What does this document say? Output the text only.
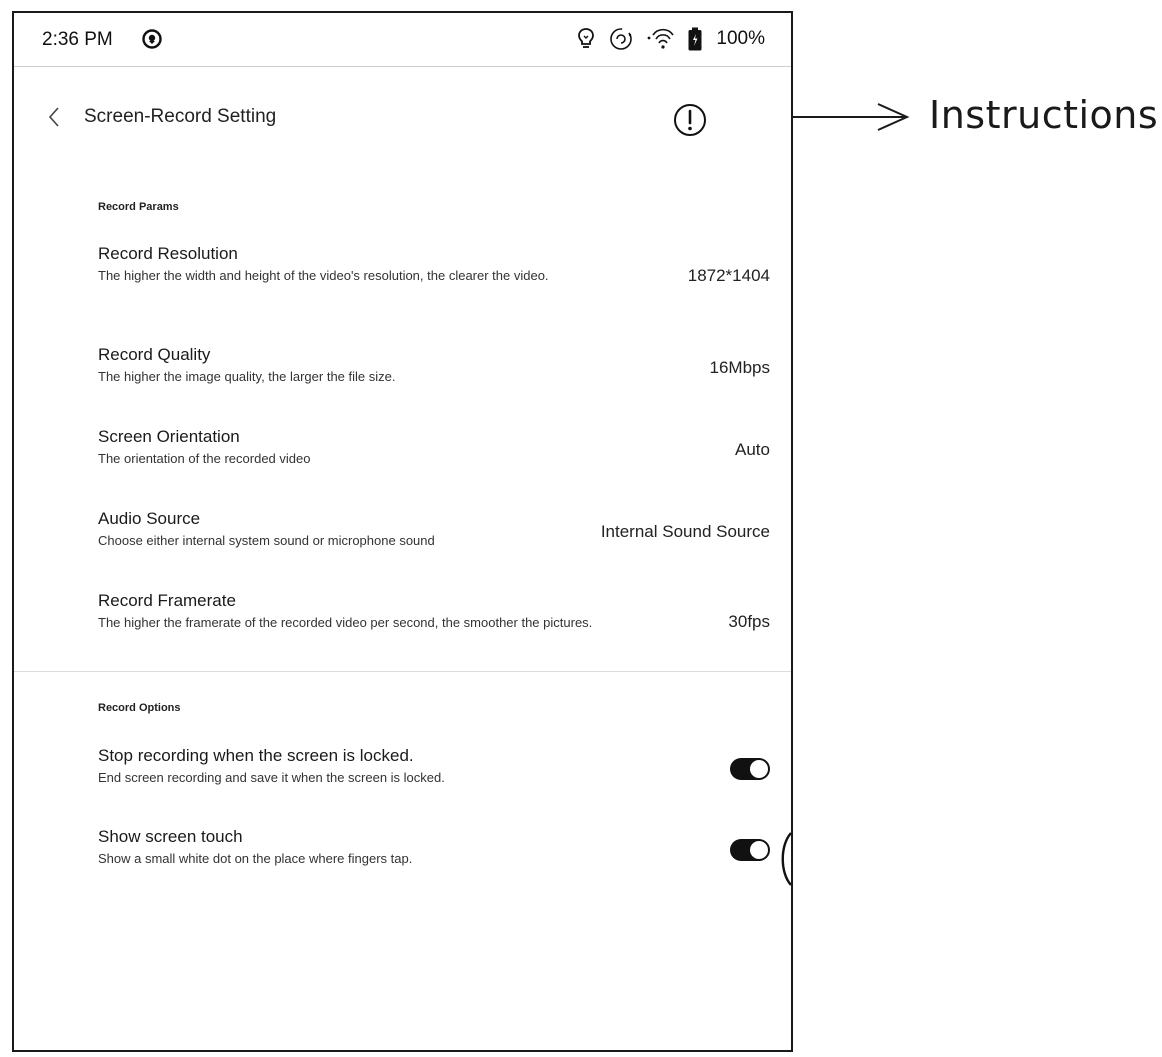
Instructions
2:36 PM	100%
Screen-Record Setting
Record Params
Record Resolution
The higher the width and height of the video's resolution, the clearer the video.	1872*1404
Record Quality
The higher the image quality, the larger the file size.	16Mbps
Screen Orientation
The orientation of the recorded video	Auto
Audio Source
Choose either internal system sound or microphone sound	Internal Sound Source
Record Framerate
The higher the framerate of the recorded video per second, the smoother the pictures.	30fps
Record Options
Stop recording when the screen is locked.
End screen recording and save it when the screen is locked.
Show screen touch
Show a small white dot on the place where fingers tap.
